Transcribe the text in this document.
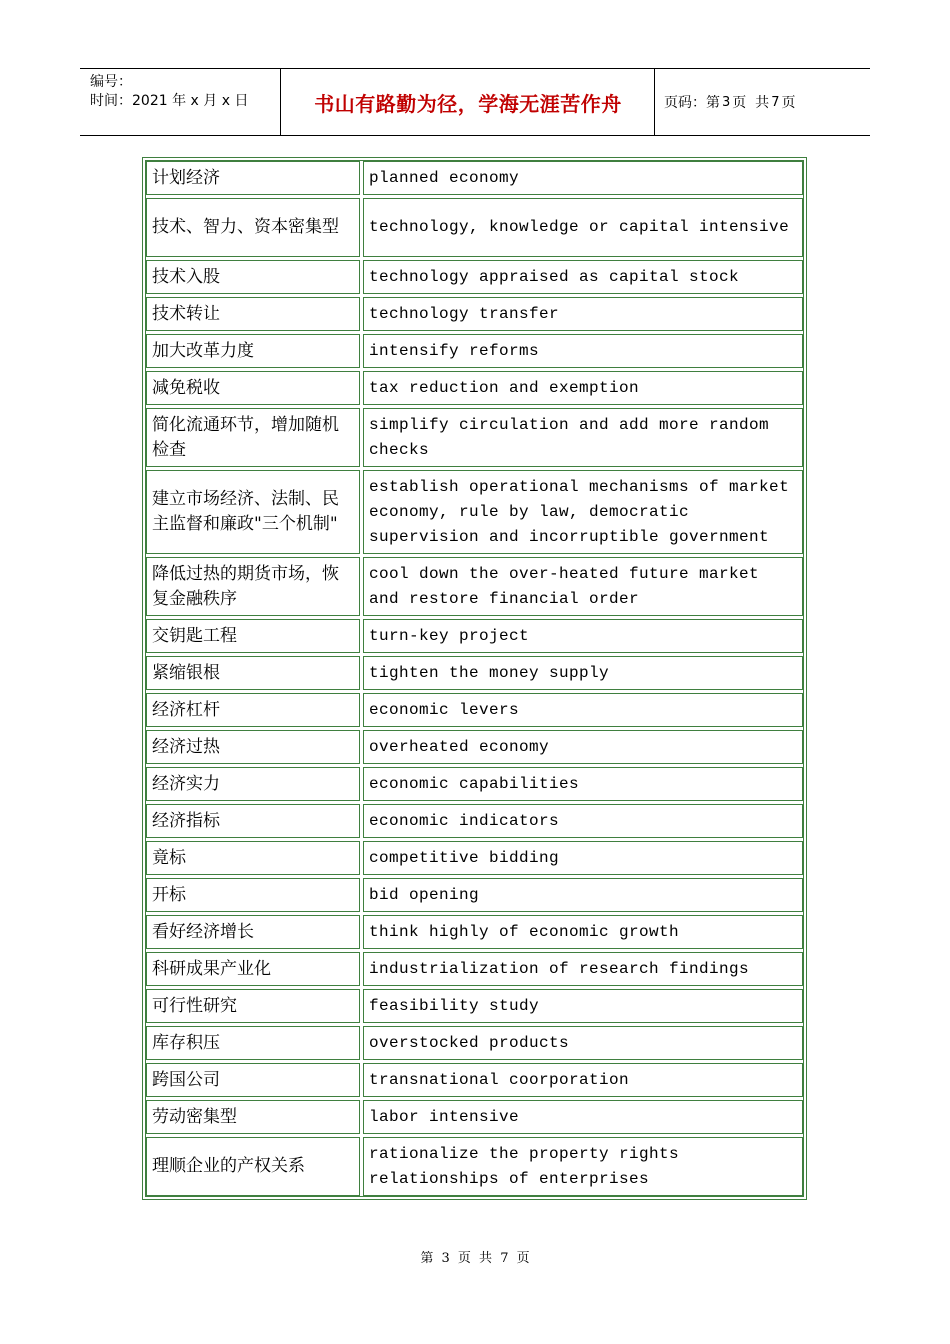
编号：
时间：2021 年 x 月 x 日	书山有路勤为径，学海无涯苦作舟	页码：第 3 页  共 7 页
计划经济	planned economy
技术、智力、资本密集型	technology, knowledge or capital intensive
技术入股	technology appraised as capital stock
技术转让	technology transfer
加大改革力度	intensify reforms
减免税收	tax reduction and exemption
简化流通环节，增加随机检查	simplify circulation and add more random checks
建立市场经济、法制、民主监督和廉政"三个机制"	establish operational mechanisms of market economy, rule by law, democratic supervision and incorruptible government
降低过热的期货市场，恢复金融秩序	cool down the over-heated future market and restore financial order
交钥匙工程	turn-key project
紧缩银根	tighten the money supply
经济杠杆	economic levers
经济过热	overheated economy
经济实力	economic capabilities
经济指标	economic indicators
竟标	competitive bidding
开标	bid opening
看好经济增长	think highly of economic growth
科研成果产业化	industrialization of research findings
可行性研究	feasibility study
库存积压	overstocked products
跨国公司	transnational coorporation
劳动密集型	labor intensive
理顺企业的产权关系	rationalize the property rights relationships of enterprises
第 3 页 共 7 页
